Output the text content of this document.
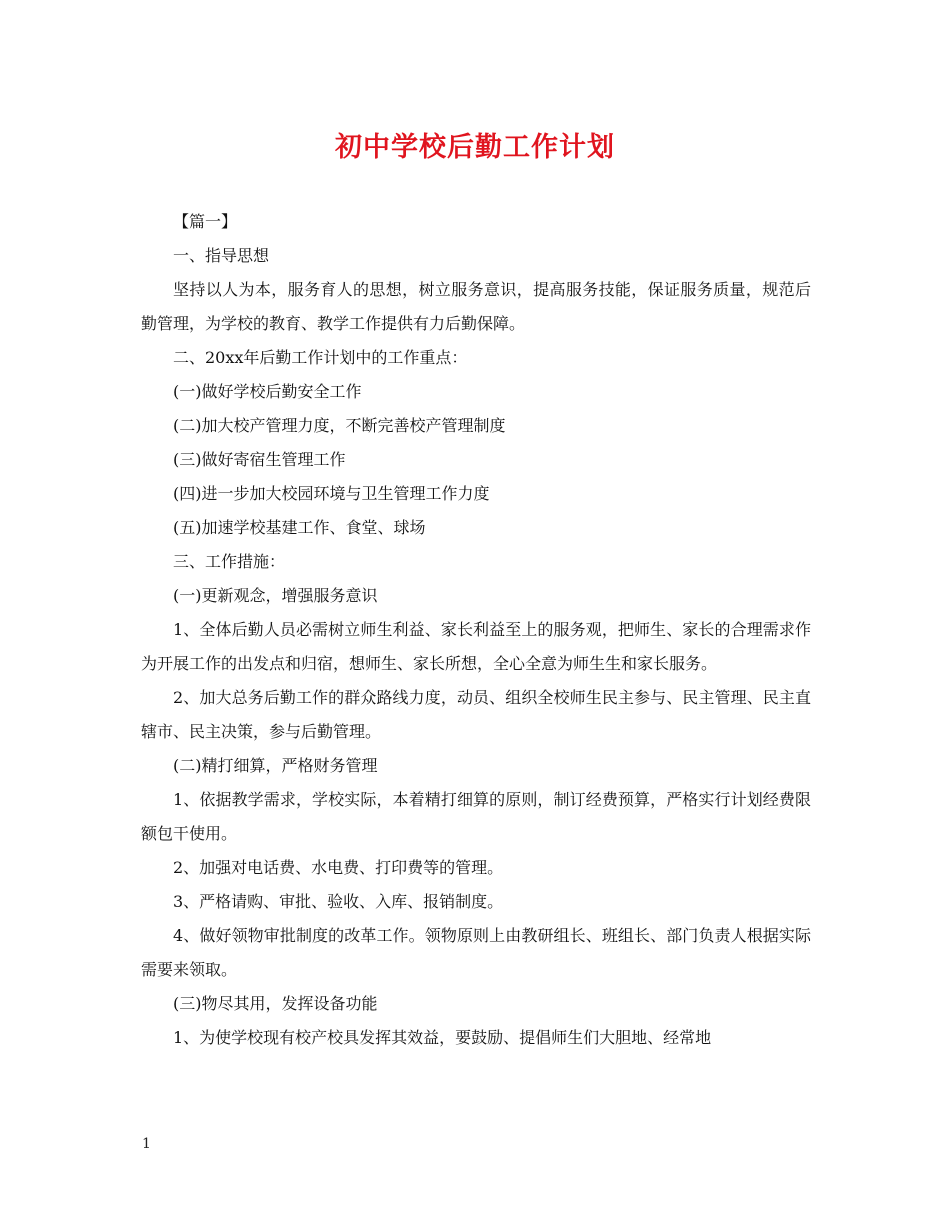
初中学校后勤工作计划

【篇一】

一、指导思想

坚持以人为本，服务育人的思想，树立服务意识，提高服务技能，保证服务质量，规范后勤管理，为学校的教育、教学工作提供有力后勤保障。

二、20xx年后勤工作计划中的工作重点：

(一)做好学校后勤安全工作

(二)加大校产管理力度，不断完善校产管理制度

(三)做好寄宿生管理工作

(四)进一步加大校园环境与卫生管理工作力度

(五)加速学校基建工作、食堂、球场

三、工作措施：

(一)更新观念，增强服务意识

1、全体后勤人员必需树立师生利益、家长利益至上的服务观，把师生、家长的合理需求作为开展工作的出发点和归宿，想师生、家长所想，全心全意为师生生和家长服务。

2、加大总务后勤工作的群众路线力度，动员、组织全校师生民主参与、民主管理、民主直辖市、民主决策，参与后勤管理。

(二)精打细算，严格财务管理

1、依据教学需求，学校实际，本着精打细算的原则，制订经费预算，严格实行计划经费限额包干使用。

2、加强对电话费、水电费、打印费等的管理。

3、严格请购、审批、验收、入库、报销制度。

4、做好领物审批制度的改革工作。领物原则上由教研组长、班组长、部门负责人根据实际需要来领取。

(三)物尽其用，发挥设备功能

1、为使学校现有校产校具发挥其效益，要鼓励、提倡师生们大胆地、经常地

1
